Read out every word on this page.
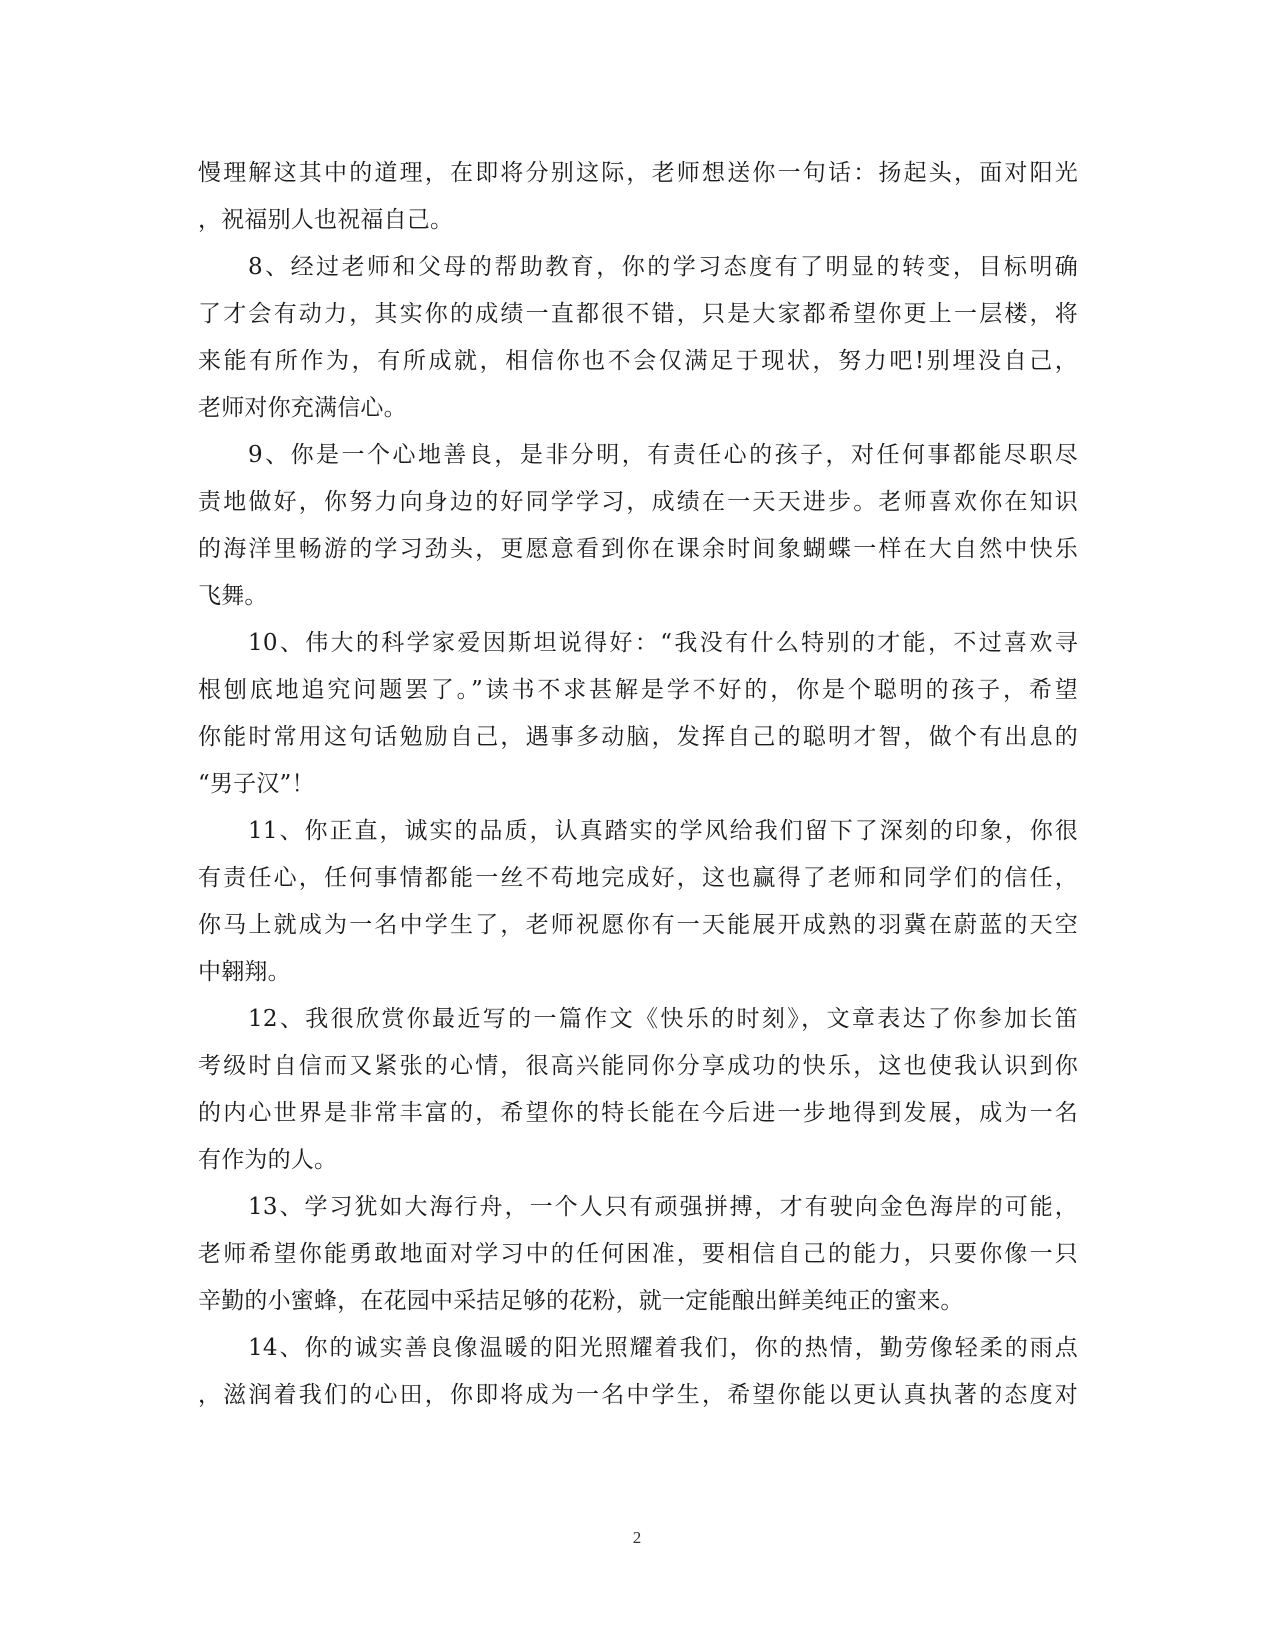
慢理解这其中的道理，在即将分别这际，老师想送你一句话：扬起头，面对阳光
，祝福别人也祝福自己。
8、经过老师和父母的帮助教育，你的学习态度有了明显的转变，目标明确
了才会有动力，其实你的成绩一直都很不错，只是大家都希望你更上一层楼，将
来能有所作为，有所成就，相信你也不会仅满足于现状，努力吧!别埋没自己，
老师对你充满信心。
9、你是一个心地善良，是非分明，有责任心的孩子，对任何事都能尽职尽
责地做好，你努力向身边的好同学学习，成绩在一天天进步。老师喜欢你在知识
的海洋里畅游的学习劲头，更愿意看到你在课余时间象蝴蝶一样在大自然中快乐
飞舞。
10、伟大的科学家爱因斯坦说得好：“我没有什么特别的才能，不过喜欢寻
根刨底地追究问题罢了。”读书不求甚解是学不好的，你是个聪明的孩子，希望
你能时常用这句话勉励自己，遇事多动脑，发挥自己的聪明才智，做个有出息的
“男子汉”！
11、你正直，诚实的品质，认真踏实的学风给我们留下了深刻的印象，你很
有责任心，任何事情都能一丝不苟地完成好，这也赢得了老师和同学们的信任，
你马上就成为一名中学生了，老师祝愿你有一天能展开成熟的羽冀在蔚蓝的天空
中翱翔。
12、我很欣赏你最近写的一篇作文《快乐的时刻》，文章表达了你参加长笛
考级时自信而又紧张的心情，很高兴能同你分享成功的快乐，这也使我认识到你
的内心世界是非常丰富的，希望你的特长能在今后进一步地得到发展，成为一名
有作为的人。
13、学习犹如大海行舟，一个人只有顽强拼搏，才有驶向金色海岸的可能，
老师希望你能勇敢地面对学习中的任何困准，要相信自己的能力，只要你像一只
辛勤的小蜜蜂，在花园中采拮足够的花粉，就一定能酿出鲜美纯正的蜜来。
14、你的诚实善良像温暖的阳光照耀着我们，你的热情，勤劳像轻柔的雨点
，滋润着我们的心田，你即将成为一名中学生，希望你能以更认真执著的态度对
2
